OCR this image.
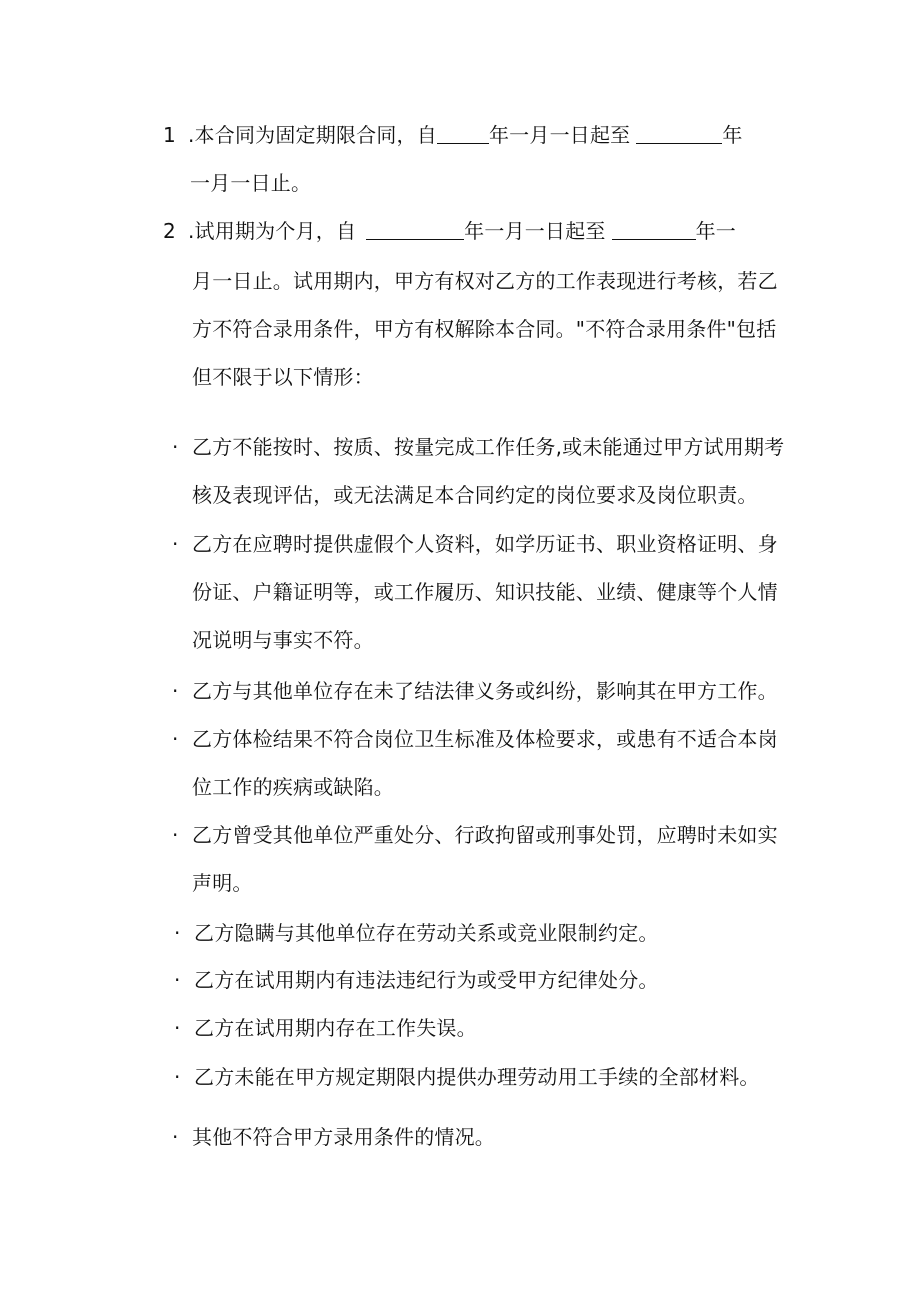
1 .本合同为固定期限合同，自	年一月一日起至	年
一月一日止。
2 .试用期为个月，自	年一月一日起至	年一
月一日止。试用期内，甲方有权对乙方的工作表现进行考核，若乙
方不符合录用条件，甲方有权解除本合同。"不符合录用条件"包括
但不限于以下情形：
· 乙方不能按时、按质、按量完成工作任务,或未能通过甲方试用期考
核及表现评估，或无法满足本合同约定的岗位要求及岗位职责。
· 乙方在应聘时提供虚假个人资料，如学历证书、职业资格证明、身
份证、户籍证明等，或工作履历、知识技能、业绩、健康等个人情
况说明与事实不符。
· 乙方与其他单位存在未了结法律义务或纠纷，影响其在甲方工作。
· 乙方体检结果不符合岗位卫生标准及体检要求，或患有不适合本岗
位工作的疾病或缺陷。
· 乙方曾受其他单位严重处分、行政拘留或刑事处罚，应聘时未如实
声明。
· 乙方隐瞒与其他单位存在劳动关系或竞业限制约定。
· 乙方在试用期内有违法违纪行为或受甲方纪律处分。
· 乙方在试用期内存在工作失误。
· 乙方未能在甲方规定期限内提供办理劳动用工手续的全部材料。
· 其他不符合甲方录用条件的情况。
